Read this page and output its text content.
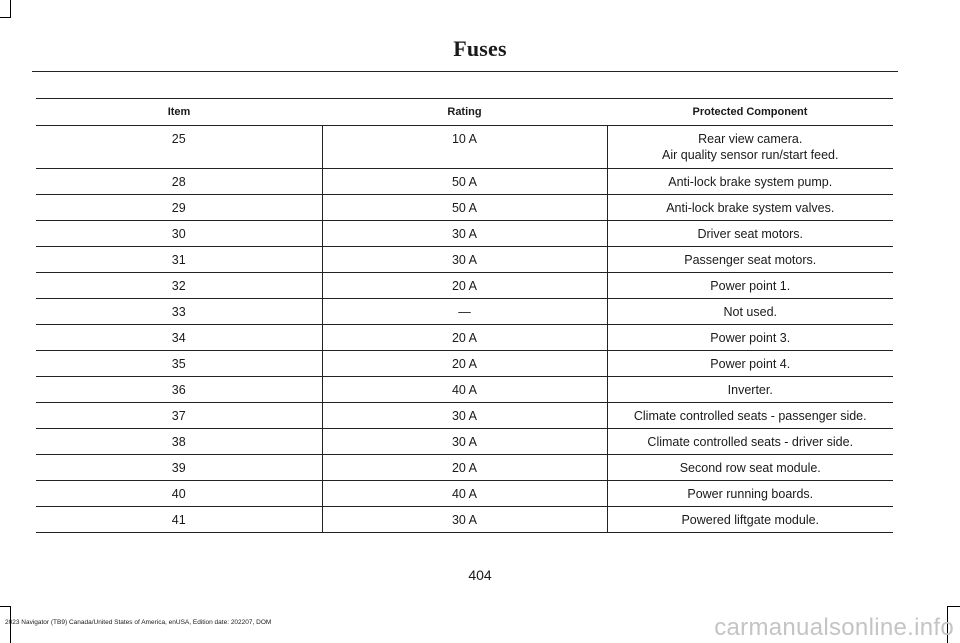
Fuses
Item	Rating	Protected Component
25	10 A	Rear view camera.
Air quality sensor run/start feed.

28	50 A	Anti-lock brake system pump.

29	50 A	Anti-lock brake system valves.

30	30 A	Driver seat motors.

31	30 A	Passenger seat motors.

32	20 A	Power point 1.

33	—	Not used.

34	20 A	Power point 3.

35	20 A	Power point 4.

36	40 A	Inverter.

37	30 A	Climate controlled seats - passenger side.

38	30 A	Climate controlled seats - driver side.

39	20 A	Second row seat module.

40	40 A	Power running boards.

41	30 A	Powered liftgate module.
404
2023 Navigator (TB9) Canada/United States of America, enUSA, Edition date: 202207, DOM	carmanualsonline.info
